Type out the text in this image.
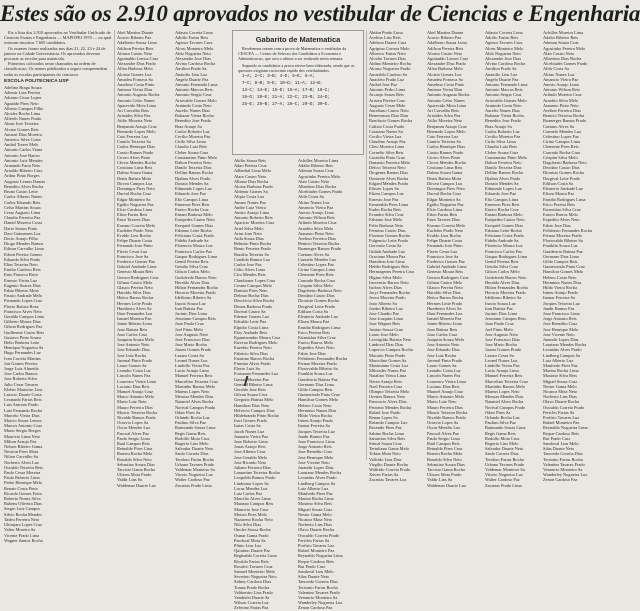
Estes são os 2.910 aprovados no vestibular de Ciencias e Engenharia

Eis a lista dos 2.910 aprovados no Vestibular Unificado de Ciencias Exatas e Engenharia — MAPOFEI 1970 — no qual estavam inscritos 7.605 candidatos.

Os exames foram realizados nos dias 21, 22, 23 e 24 de janeiro na Cidade Universitaria. Os aprovados deverao procurar as escolas para matricula.

Primeiros colocados serao chamados na ordem de classificacao. Os nomes publicados a seguir compreendem todas as escolas participantes do concurso.

ESCOLA POLITECNICA USP

Adelino Braga Souza

Ademir Luiz Pereira

Adriano Cesar Lopes

Agnaldo Pires Neto

Alberto Campos Filho

Alcides Rocha Lima

Alfredo Nunes Prado

Almir Jose Teixeira

Alvaro Gomes Reis

Amauri Dias Moreira

Americo Silva Costa

Anibal Torres Melo

Antonio Carlos Viana

Antonio Jose Barros

Antonio Luiz Mendes

Armando Faria Neto

Arnaldo Ribeiro Cruz

Arthur Pinto Borges

Augusto Lemos Dantas

Benedito Alves Rocha

Bruno Castro Leite

Carlos Alberto Nunes

Carlos Eduardo Reis

Celso Martins Souza

Cesar Augusto Lima

Claudio Ferreira Paz

Daniel Moreira Costa

Dario Santos Pinto

Davi Guimaraes Luz

Decio Araujo Filho

Diogo Mendes Ramos

Edison Carvalho Lima

Edson Pereira Gomes

Eduardo Silva Prado

Elias Teixeira Neto

Emilio Cardoso Reis

Enio Fonseca Brito

Ernesto Vieira Luz

Eugenio Soares Dias

Fabio Ribeiro Mota

Fausto Andrade Melo

Fernando Lopes Cruz

Flavio Batista Rosa

Francisco Alves Neto

Geraldo Campos Lima

Gilberto Moura Dias

Gilson Rodrigues Paz

Guilherme Castro Reis

Gustavo Pinto Souza

Helio Barbosa Leite

Henrique Nogueira Sa

Hugo Fernandes Luz

Ivan Correia Martins

Jair Gomes Pereira

Jorge Luiz Almeida

Jose Carlos Ramos

Jose Roberto Silva

Julio Cesar Tavares

Kleber Monteiro Lins

Laercio Duarte Costa

Leonardo Farias Reis

Luis Antonio Prado

Luiz Fernando Rocha

Marcelo Vieira Dias

Marcio Souza Lemos

Marcos Antonio Cruz

Mario Sergio Borges

Mauricio Lima Neto

Milton Araujo Paz

Nelson Ribeiro Gama

Newton Pires Mota

Nilton Carvalho Sa

Norberto Alves Luz

Osvaldo Teixeira Reis

Paulo Cesar Moreira

Paulo Roberto Lima

Pedro Henrique Melo

Renato Costa Pinto

Ricardo Gomes Faria

Roberto Nunes Silva

Rubens Oliveira Dias

Sergio Luiz Campos

Silvio Rocha Mendes

Tadeu Ferreira Neto

Ubirajara Lopes Cruz

Valter Moreira Sa

Vicente Prado Lima

Wagner Santos Rocha

Abel Martins Duarte

Acacio Ribeiro Paz

Adalberto Souza Lima

Adilson Pereira Reis

Afonso Castro Neto

Aguinaldo Lemos Cruz

Alexandre Dias Prado

Alfeu Barbosa Melo

Aloisio Gomes Luz

Amadeu Fonseca Sa

Anselmo Costa Pinto

Antenor Vieira Dias

Antonio Augusto Rocha

Antonio Celso Nunes

Aparecido Mota Lima

Ari Carvalho Reis

Aristides Silva Paz

Atilio Moreira Neto

Benjamin Araujo Cruz

Bernardo Lopes Melo

Caio Ferreira Luz

Camilo Teixeira Sa

Carlos Henrique Dias

Cassio Ramos Prado

Cicero Alves Pinto

Clovis Mendes Rocha

Cristiano Lima Reis

Dalmo Souza Gama

Denis Batista Mota

Dirceu Campos Luz

Domingos Pires Neto

Durval Rocha Cruz

Edgar Monteiro Sa

Egidio Nogueira Paz

Elcio Cardoso Lima

Elton Farias Reis

Enzo Tavares Dias

Erasmo Correia Melo

Euclides Prado Neto

Evaldo Lins Rocha

Felipe Duarte Costa

Fernando Jose Pinto

Flavio Cesar Luz

Francisco Jose Sa

Frederico Gomes Paz

Gabriel Andrade Lima

Genesio Moura Reis

Gerson Rodrigues Cruz

Gilmar Castro Melo

Glauco Pereira Neto

Haroldo Silva Dias

Heitor Barros Rocha

Hermes Leite Prado

Humberto Alves Sa

Ilton Fernandes Luz

Ismael Moreira Paz

Jaime Ribeiro Lima

Joao Batista Reis

Joao Carlos Cruz

Joaquim Souza Melo

Jose Antonio Neto

Jose Eduardo Dias

Jose Luiz Rocha

Juvenal Pinto Prado

Lauro Gomes Sa

Leandro Costa Luz

Lincoln Nunes Paz

Lourenco Vieira Lima

Luciano Dias Reis

Manoel Araujo Cruz

Marco Antonio Melo

Mario Luiz Neto

Mauro Ferreira Dias

Moacir Teixeira Rocha

Nivaldo Ramos Prado

Octavio Lopes Sa

Oscar Mendes Luz

Pascoal Alves Paz

Paulo Sergio Lima

Raul Campos Reis

Reinaldo Pires Cruz

Romeu Rocha Melo

Ronaldo Silva Neto

Sebastiao Souza Dias

Tarcisio Gama Rocha

Ulisses Mota Prado

Valdir Lins Sa

Waldemar Duarte Luz

Adauto Correia Lima

Adolfo Farias Reis

Agenor Tavares Cruz

Alceu Monteiro Melo

Aldo Nogueira Neto

Alexandre Jose Dias

Alvino Cardoso Rocha

Amilton Prado Sa

Anatolio Lins Luz

Angelo Duarte Paz

Antonio Fernando Lima

Antonio Marcos Reis

Antonio Sergio Cruz

Ariovaldo Gomes Melo

Armindo Costa Neto

Aurelio Nunes Dias

Baltazar Vieira Rocha

Benedito Jose Prado

Braz Araujo Sa

Carlos Roberto Luz

Cecilio Moreira Paz

Cirilo Silva Lima

Claudio Luiz Reis

Cleber Souza Cruz

Constantino Pinto Melo

Dalton Ferreira Neto

Danilo Teixeira Dias

Delfim Ramos Rocha

Djalma Alves Prado

Donato Mendes Sa

Edmundo Lopes Luz

Eduardo Jose Paz

Elio Campos Lima

Emerson Pires Reis

Enrico Rocha Cruz

Ernani Barbosa Melo

Euripedes Castro Neto

Ezequiel Gomes Dias

Fabiano Leite Rocha

Feliciano Costa Prado

Fidelis Andrade Sa

Florencio Moura Luz

Francisco Carlos Paz

Gaspar Rodrigues Lima

Gentil Pereira Reis

Getulio Silva Cruz

Gilson Carlos Melo

Godofredo Barros Neto

Heraldo Alves Dias

Hilton Fernandes Rocha

Horacio Moreira Prado

Idelfonso Ribeiro Sa

Inacio Souza Luz

Iran Batista Paz

Jacinto Dias Lima

Jeronimo Campos Reis

Joao Paulo Cruz

Joel Pinto Melo

Jose Augusto Neto

Jose Francisco Dias

Jose Mario Rocha

Juarez Gomes Prado

Lazaro Costa Sa

Leonel Nunes Luz

Lindolfo Vieira Paz

Lucio Araujo Lima

Manuel Ferreira Reis

Marcelino Teixeira Cruz

Martinho Ramos Melo

Mateus Lopes Neto

Messias Mendes Dias

Nataniel Alves Rocha

Norival Campos Prado

Odair Pires Sa

Orlando Rocha Luz

Paulino Silva Paz

Raimundo Souza Lima

Regis Gama Reis

Rodolfo Mota Cruz

Rogerio Lins Melo

Salvador Duarte Neto

Saulo Correia Dias

Teodoro Farias Rocha

Urbano Tavares Prado

Valdemar Monteiro Sa

Vitorio Nogueira Luz

Walter Cardoso Paz

Zacarias Prado Lima

Gabarito de Matematica

Recebemos ontem com a prova de Matematica o vestibular da CESCEA — Centro de Selecao dos Candidatos a Economia e Administracao, que sera o ultimo a ser realizado nesta semana.

Segundo os candidatos a prova esteve bem elaborada, sendo que as questoes exigiram raciocinio rapido dos vestibulandos.

1—A; 2—C; 3—B; 4—D; 5—E; 6—A;

7—C; 8—B; 9—E; 10—D; 11—A; 12—B;

13—C; 14—E; 15—D; 16—A; 17—B; 18—C;

19—D; 20—E; 21—A; 22—C; 23—B; 24—D;

25—E; 26—B; 27—A; 28—C; 29—D; 30—E.

Abilio Souza Reis

Adao Pereira Cruz

Adherbal Lima Melo

Alaor Castro Neto

Albano Dias Rocha

Alcino Barbosa Prado

Aldemir Gomes Sa

Alipio Costa Luz

Amaro Nunes Paz

Andre Luiz Vieira

Anisio Araujo Lima

Antonio Roberto Reis

Aparicio Moreira Cruz

Ariel Silva Melo

Artur Jose Neto

Atila Souza Dias

Belmiro Pinto Rocha

Bento Ferreira Prado

Brasilio Teixeira Sa

Candido Ramos Luz

Carlos Jose Paz

Celio Alves Lima

Ciro Mendes Reis

Claudionor Lopes Cruz

Cosme Campos Melo

Damiao Pires Neto

Delmar Rocha Dias

Deoclecio Silva Rocha

Dimas Barbosa Prado

Dorival Castro Sa

Edemar Gomes Luz

Edvaldo Leite Paz

Elpidio Costa Lima

Eloy Andrade Reis

Epaminondas Moura Cruz

Estevao Rodrigues Melo

Euzebio Pereira Neto

Fabricio Silva Dias

Faustino Barros Rocha

Firmino Alves Prado

Flavio Luiz Sa

Fortunato Fernandes Luz

Gastao Moreira Paz

Genival Ribeiro Lima

Geraldo Jose Reis

Gilvan Souza Cruz

Gregorio Batista Melo

Hamilton Dias Neto

Helvecio Campos Dias

Hildebrando Pinto Rocha

Iraci Gomes Prado

Isaias Costa Sa

Jacob Nunes Luz

Januario Vieira Paz

Joao Roberto Lima

Jonas Araujo Reis

Jose Alberto Cruz

Jose Geraldo Melo

Jose Ricardo Neto

Juliano Ferreira Dias

Lamartine Teixeira Rocha

Leopoldo Ramos Prado

Lindomar Lopes Sa

Lucas Mendes Luz

Luiz Carlos Paz

Marcilio Alves Lima

Mariano Campos Reis

Mauricio Jose Cruz

Moises Pires Melo

Nazareno Rocha Neto

Nilo Silva Dias

Onofre Souza Rocha

Osmar Gama Prado

Paschoal Mota Sa

Plinio Lins Luz

Quintino Duarte Paz

Reginaldo Correia Lima

Rivaldo Farias Reis

Rosalvo Tavares Cruz

Samuel Monteiro Melo

Severino Nogueira Neto

Sidney Cardoso Dias

Tomas Prado Rocha

Valdomiro Lins Prado

Vanderlei Duarte Sa

Wilson Correia Luz

Zeferino Farias Paz

Achilles Moreira Lima

Adalto Ribeiro Reis

Ademar Souza Cruz

Agostinho Pereira Melo

Alair Castro Neto

Albertino Dias Rocha

Alcebiades Gomes Prado

Aldir Costa Sa

Altino Nunes Luz

Amancio Vieira Paz

Anesio Araujo Lima

Antonio Wilson Reis

Arlindo Moreira Cruz

Arnobio Silva Melo

Atanasio Pinto Neto

Avelino Ferreira Dias

Benicio Teixeira Rocha

Boanerges Ramos Prado

Caetano Alves Sa

Carmelo Mendes Luz

Celestino Lopes Paz

Cirino Campos Lima

Clemente Pires Reis

Conrado Rocha Cruz

Crispim Silva Melo

Dagoberto Barbosa Neto

Deodato Castro Dias

Dionisio Gomes Rocha

Dorgival Leite Prado

Edilson Costa Sa

Eleuterio Andrade Luz

Eliseu Moura Paz

Emidio Rodrigues Lima

Erico Pereira Reis

Estanislau Silva Cruz

Eurico Barros Melo

Expedito Alves Neto

Fabio Jose Dias

Felisberto Fernandes Rocha

Fernao Moreira Prado

Florisvaldo Ribeiro Sa

Franklin Souza Luz

Gaudencio Batista Paz

Germano Dias Lima

Gildo Campos Reis

Gumercindo Pinto Cruz

Hamilcar Gomes Melo

Heleno Costa Neto

Herminio Nunes Dias

Hildo Vieira Rocha

Irineu Araujo Prado

Itamar Ferreira Sa

Jacques Teixeira Luz

Jandir Ramos Paz

Joao Francisco Lima

Jorge Antonio Reis

Jose Benedito Cruz

Jose Henrique Melo

Jose Vicente Neto

Jurandir Lopes Dias

Lauriano Mendes Rocha

Leonidas Alves Prado

Lindberg Campos Sa

Luiz Alberto Luz

Manfredo Pires Paz

Marino Rocha Lima

Maximo Silva Reis

Miguel Souza Cruz

Nestor Gama Melo

Nicanor Mota Neto

Norberto Lins Dias

Olavo Duarte Rocha

Oswaldo Correia Prado

Pericles Farias Sa

Porfirio Tavares Luz

Rafael Monteiro Paz

Reynaldo Nogueira Lima

Roque Cardoso Reis

Rui Prado Cruz

Sandoval Lins Melo

Silas Duarte Neto

Tancredo Correia Dias

Teotonio Farias Rocha

Valentim Tavares Prado

Venancio Monteiro Sa

Wanderley Nogueira Luz

Zenon Cardoso Paz

Abdon Prado Lima

Acelino Lins Reis

Adelson Duarte Cruz

Agripino Correia Melo

Alberico Farias Neto

Alcidio Tavares Dias

Aldino Monteiro Rocha

Alonso Nogueira Prado

Amarildo Cardoso Sa

Anacleto Prado Luz

Anibal Jose Paz

Antonio Pedro Lima

Arcanjo Souza Reis

Aristeu Pereira Cruz

Augusto Cesar Melo

Aureliano Castro Neto

Benevenuto Dias Dias

Bonifacio Gomes Rocha

Calixto Costa Prado

Cassiano Nunes Sa

Cecilio Vieira Luz

Claudino Araujo Paz

Cleto Moreira Lima

Cornelio Silva Reis

Custodio Pinto Cruz

Damasio Ferreira Melo

Delcio Teixeira Neto

Diogenes Ramos Dias

Donizete Alves Rocha

Edgard Mendes Prado

Eliezer Lopes Sa

Elizeu Campos Luz

Ernesto Jose Paz

Esmeraldo Pires Lima

Eudes Rocha Reis

Evandro Silva Cruz

Fabiano Jose Melo

Felix Barbosa Neto

Fermino Castro Dias

Floriano Gomes Rocha

Fulgencio Leite Prado

Gervasio Costa Sa

Gidalti Andrade Luz

Graciano Moura Paz

Hamilton Jose Lima

Helder Rodrigues Reis

Hermogenes Pereira Cruz

Higino Silva Melo

Inocencio Barros Neto

Isidoro Alves Dias

Jacyr Fernandes Rocha

Jeova Moreira Prado

Joao Alberto Sa

Jordao Ribeiro Luz

Jose Claudio Paz

Jose Joaquim Lima

Jose Wagner Reis

Justino Souza Cruz

Lauro Jose Melo

Leovigildo Batista Neto

Lindoval Dias Dias

Lupercio Campos Rocha

Macario Pinto Prado

Marcolino Gomes Sa

Maximiano Costa Luz

Milciades Nunes Paz

Natalino Vieira Lima

Nereu Araujo Reis

Noel Ferreira Cruz

Olimpio Teixeira Melo

Orestes Ramos Neto

Pancracio Alves Dias

Petronio Mendes Rocha

Rafael Jose Prado

Renan Lopes Sa

Rolando Campos Luz

Rosendo Pires Paz

Sabino Rocha Lima

Saturnino Silva Reis

Sinval Souza Cruz

Tertuliano Gama Melo

Tobias Mota Neto

Valfrido Lins Dias

Virgilio Duarte Rocha

Walfrido Correia Prado

Xavier Farias Sa

Zacarias Tavares Luz

Abel Martins Duarte

Acacio Ribeiro Paz

Adalberto Souza Lima

Adilson Pereira Reis

Afonso Castro Neto

Aguinaldo Lemos Cruz

Alexandre Dias Prado

Alfeu Barbosa Melo

Aloisio Gomes Luz

Amadeu Fonseca Sa

Anselmo Costa Pinto

Antenor Vieira Dias

Antonio Augusto Rocha

Antonio Celso Nunes

Aparecido Mota Lima

Ari Carvalho Reis

Aristides Silva Paz

Atilio Moreira Neto

Benjamin Araujo Cruz

Bernardo Lopes Melo

Caio Ferreira Luz

Camilo Teixeira Sa

Carlos Henrique Dias

Cassio Ramos Prado

Cicero Alves Pinto

Clovis Mendes Rocha

Cristiano Lima Reis

Dalmo Souza Gama

Denis Batista Mota

Dirceu Campos Luz

Domingos Pires Neto

Durval Rocha Cruz

Edgar Monteiro Sa

Egidio Nogueira Paz

Elcio Cardoso Lima

Elton Farias Reis

Enzo Tavares Dias

Erasmo Correia Melo

Euclides Prado Neto

Evaldo Lins Rocha

Felipe Duarte Costa

Fernando Jose Pinto

Flavio Cesar Luz

Francisco Jose Sa

Frederico Gomes Paz

Gabriel Andrade Lima

Genesio Moura Reis

Gerson Rodrigues Cruz

Gilmar Castro Melo

Glauco Pereira Neto

Haroldo Silva Dias

Heitor Barros Rocha

Hermes Leite Prado

Humberto Alves Sa

Ilton Fernandes Luz

Ismael Moreira Paz

Jaime Ribeiro Lima

Joao Batista Reis

Joao Carlos Cruz

Joaquim Souza Melo

Jose Antonio Neto

Jose Eduardo Dias

Jose Luiz Rocha

Juvenal Pinto Prado

Lauro Gomes Sa

Leandro Costa Luz

Lincoln Nunes Paz

Lourenco Vieira Lima

Luciano Dias Reis

Manoel Araujo Cruz

Marco Antonio Melo

Mario Luiz Neto

Mauro Ferreira Dias

Moacir Teixeira Rocha

Nivaldo Ramos Prado

Octavio Lopes Sa

Oscar Mendes Luz

Pascoal Alves Paz

Paulo Sergio Lima

Raul Campos Reis

Reinaldo Pires Cruz

Romeu Rocha Melo

Ronaldo Silva Neto

Sebastiao Souza Dias

Tarcisio Gama Rocha

Ulisses Mota Prado

Valdir Lins Sa

Waldemar Duarte Luz

Adauto Correia Lima

Adolfo Farias Reis

Agenor Tavares Cruz

Alceu Monteiro Melo

Aldo Nogueira Neto

Alexandre Jose Dias

Alvino Cardoso Rocha

Amilton Prado Sa

Anatolio Lins Luz

Angelo Duarte Paz

Antonio Fernando Lima

Antonio Marcos Reis

Antonio Sergio Cruz

Ariovaldo Gomes Melo

Armindo Costa Neto

Aurelio Nunes Dias

Baltazar Vieira Rocha

Benedito Jose Prado

Braz Araujo Sa

Carlos Roberto Luz

Cecilio Moreira Paz

Cirilo Silva Lima

Claudio Luiz Reis

Cleber Souza Cruz

Constantino Pinto Melo

Dalton Ferreira Neto

Danilo Teixeira Dias

Delfim Ramos Rocha

Djalma Alves Prado

Donato Mendes Sa

Edmundo Lopes Luz

Eduardo Jose Paz

Elio Campos Lima

Emerson Pires Reis

Enrico Rocha Cruz

Ernani Barbosa Melo

Euripedes Castro Neto

Ezequiel Gomes Dias

Fabiano Leite Rocha

Feliciano Costa Prado

Fidelis Andrade Sa

Florencio Moura Luz

Francisco Carlos Paz

Gaspar Rodrigues Lima

Gentil Pereira Reis

Getulio Silva Cruz

Gilson Carlos Melo

Godofredo Barros Neto

Heraldo Alves Dias

Hilton Fernandes Rocha

Horacio Moreira Prado

Idelfonso Ribeiro Sa

Inacio Souza Luz

Iran Batista Paz

Jacinto Dias Lima

Jeronimo Campos Reis

Joao Paulo Cruz

Joel Pinto Melo

Jose Augusto Neto

Jose Francisco Dias

Jose Mario Rocha

Juarez Gomes Prado

Lazaro Costa Sa

Leonel Nunes Luz

Lindolfo Vieira Paz

Lucio Araujo Lima

Manuel Ferreira Reis

Marcelino Teixeira Cruz

Martinho Ramos Melo

Mateus Lopes Neto

Messias Mendes Dias

Nataniel Alves Rocha

Norival Campos Prado

Odair Pires Sa

Orlando Rocha Luz

Paulino Silva Paz

Raimundo Souza Lima

Regis Gama Reis

Rodolfo Mota Cruz

Rogerio Lins Melo

Salvador Duarte Neto

Saulo Correia Dias

Teodoro Farias Rocha

Urbano Tavares Prado

Valdemar Monteiro Sa

Vitorio Nogueira Luz

Walter Cardoso Paz

Zacarias Prado Lima

Achilles Moreira Lima

Adalto Ribeiro Reis

Ademar Souza Cruz

Agostinho Pereira Melo

Alair Castro Neto

Albertino Dias Rocha

Alcebiades Gomes Prado

Aldir Costa Sa

Altino Nunes Luz

Amancio Vieira Paz

Anesio Araujo Lima

Antonio Wilson Reis

Arlindo Moreira Cruz

Arnobio Silva Melo

Atanasio Pinto Neto

Avelino Ferreira Dias

Benicio Teixeira Rocha

Boanerges Ramos Prado

Caetano Alves Sa

Carmelo Mendes Luz

Celestino Lopes Paz

Cirino Campos Lima

Clemente Pires Reis

Conrado Rocha Cruz

Crispim Silva Melo

Dagoberto Barbosa Neto

Deodato Castro Dias

Dionisio Gomes Rocha

Dorgival Leite Prado

Edilson Costa Sa

Eleuterio Andrade Luz

Eliseu Moura Paz

Emidio Rodrigues Lima

Erico Pereira Reis

Estanislau Silva Cruz

Eurico Barros Melo

Expedito Alves Neto

Fabio Jose Dias

Felisberto Fernandes Rocha

Fernao Moreira Prado

Florisvaldo Ribeiro Sa

Franklin Souza Luz

Gaudencio Batista Paz

Germano Dias Lima

Gildo Campos Reis

Gumercindo Pinto Cruz

Hamilcar Gomes Melo

Heleno Costa Neto

Herminio Nunes Dias

Hildo Vieira Rocha

Irineu Araujo Prado

Itamar Ferreira Sa

Jacques Teixeira Luz

Jandir Ramos Paz

Joao Francisco Lima

Jorge Antonio Reis

Jose Benedito Cruz

Jose Henrique Melo

Jose Vicente Neto

Jurandir Lopes Dias

Lauriano Mendes Rocha

Leonidas Alves Prado

Lindberg Campos Sa

Luiz Alberto Luz

Manfredo Pires Paz

Marino Rocha Lima

Maximo Silva Reis

Miguel Souza Cruz

Nestor Gama Melo

Nicanor Mota Neto

Norberto Lins Dias

Olavo Duarte Rocha

Oswaldo Correia Prado

Pericles Farias Sa

Porfirio Tavares Luz

Rafael Monteiro Paz

Reynaldo Nogueira Lima

Roque Cardoso Reis

Rui Prado Cruz

Sandoval Lins Melo

Silas Duarte Neto

Tancredo Correia Dias

Teotonio Farias Rocha

Valentim Tavares Prado

Venancio Monteiro Sa

Wanderley Nogueira Luz

Zenon Cardoso Paz
